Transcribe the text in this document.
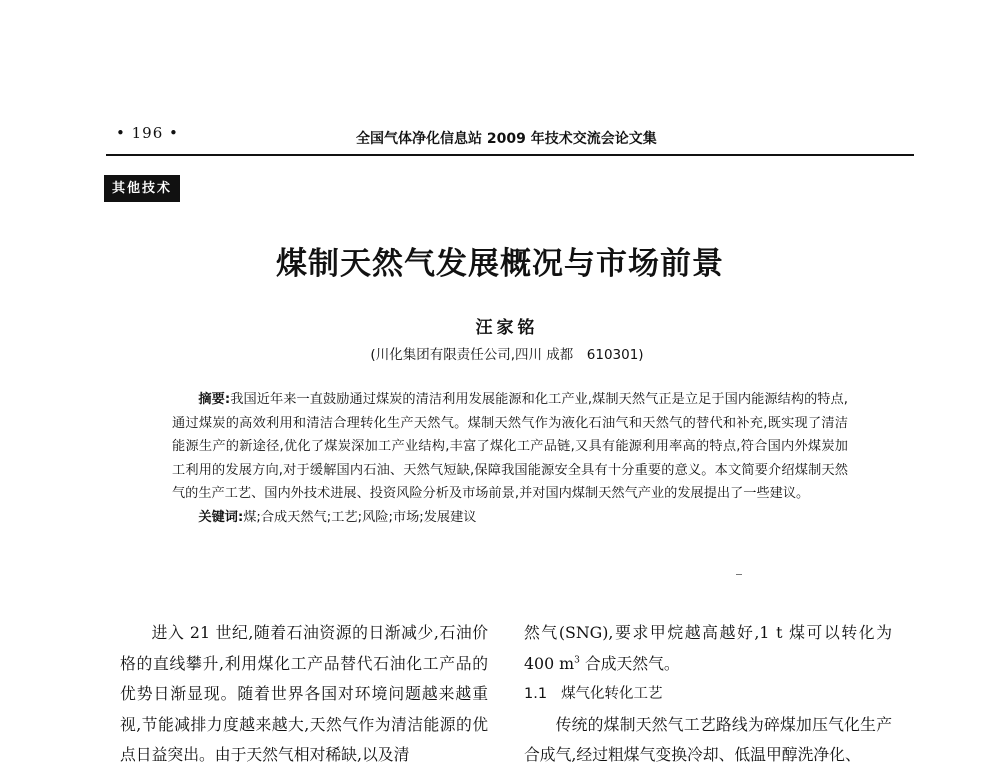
• 196 •	全国气体净化信息站 2009 年技术交流会论文集
其他技术
煤制天然气发展概况与市场前景
汪家铭
(川化集团有限责任公司,四川 成都　610301)

摘要:我国近年来一直鼓励通过煤炭的清洁利用发展能源和化工产业,煤制天然气正是立足于国内能源结构的特点,通过煤炭的高效利用和清洁合理转化生产天然气。煤制天然气作为液化石油气和天然气的替代和补充,既实现了清洁能源生产的新途径,优化了煤炭深加工产业结构,丰富了煤化工产品链,又具有能源利用率高的特点,符合国内外煤炭加工利用的发展方向,对于缓解国内石油、天然气短缺,保障我国能源安全具有十分重要的意义。本文简要介绍煤制天然气的生产工艺、国内外技术进展、投资风险分析及市场前景,并对国内煤制天然气产业的发展提出了一些建议。

关键词:煤;合成天然气;工艺;风险;市场;发展建议

进入 21 世纪,随着石油资源的日渐减少,石油价格的直线攀升,利用煤化工产品替代石油化工产品的优势日渐显现。随着世界各国对环境问题越来越重视,节能减排力度越来越大,天然气作为清洁能源的优点日益突出。由于天然气相对稀缺,以及清

然气(SNG),要求甲烷越高越好,1 t 煤可以转化为 400 $m^3$ 合成天然气。

1.1 煤气化转化工艺

传统的煤制天然气工艺路线为碎煤加压气化生产合成气,经过粗煤气变换冷却、低温甲醇洗净化、
